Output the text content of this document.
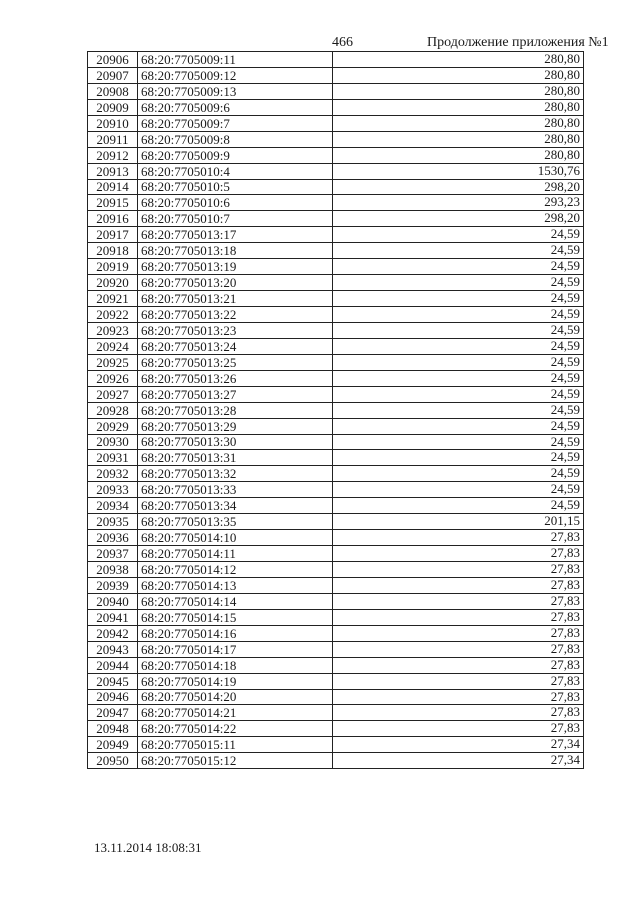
466	Продолжение приложения №1
20906	68:20:7705009:11	280,80
20907	68:20:7705009:12	280,80
20908	68:20:7705009:13	280,80
20909	68:20:7705009:6	280,80
20910	68:20:7705009:7	280,80
20911	68:20:7705009:8	280,80
20912	68:20:7705009:9	280,80
20913	68:20:7705010:4	1530,76
20914	68:20:7705010:5	298,20
20915	68:20:7705010:6	293,23
20916	68:20:7705010:7	298,20
20917	68:20:7705013:17	24,59
20918	68:20:7705013:18	24,59
20919	68:20:7705013:19	24,59
20920	68:20:7705013:20	24,59
20921	68:20:7705013:21	24,59
20922	68:20:7705013:22	24,59
20923	68:20:7705013:23	24,59
20924	68:20:7705013:24	24,59
20925	68:20:7705013:25	24,59
20926	68:20:7705013:26	24,59
20927	68:20:7705013:27	24,59
20928	68:20:7705013:28	24,59
20929	68:20:7705013:29	24,59
20930	68:20:7705013:30	24,59
20931	68:20:7705013:31	24,59
20932	68:20:7705013:32	24,59
20933	68:20:7705013:33	24,59
20934	68:20:7705013:34	24,59
20935	68:20:7705013:35	201,15
20936	68:20:7705014:10	27,83
20937	68:20:7705014:11	27,83
20938	68:20:7705014:12	27,83
20939	68:20:7705014:13	27,83
20940	68:20:7705014:14	27,83
20941	68:20:7705014:15	27,83
20942	68:20:7705014:16	27,83
20943	68:20:7705014:17	27,83
20944	68:20:7705014:18	27,83
20945	68:20:7705014:19	27,83
20946	68:20:7705014:20	27,83
20947	68:20:7705014:21	27,83
20948	68:20:7705014:22	27,83
20949	68:20:7705015:11	27,34
20950	68:20:7705015:12	27,34
13.11.2014 18:08:31
